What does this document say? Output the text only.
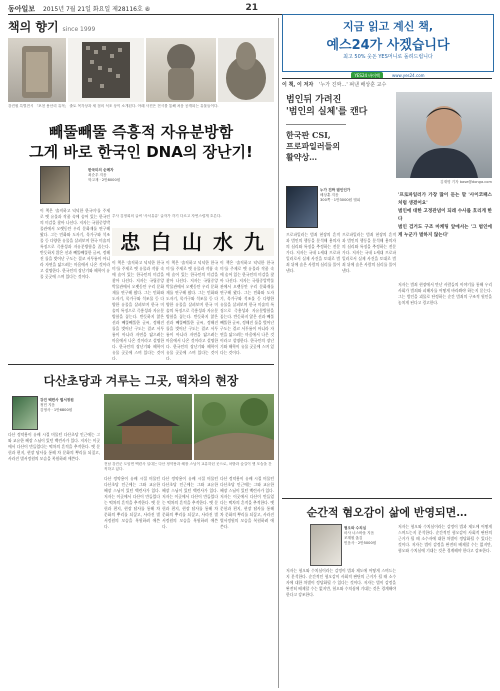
동아일보 2015년 7월 21일 화요일 제28116호 ⑧	21
책의 향기 since 1999
강진원 특별전시 「포천 용산리 유적」 출토 목각상과 세 점의 석조 상이 소개된다. 아래 사진은 전시를 통해 처음 공개되는 유물들이다.
빼뚤빼뚤 즉흥적 자유분방함
그게 바로 한국인 DNA의 장난기!
한국미의 순례자
최순우 지음
학고재 · 2만8000원
忠 白 山 水 九
추사 김정희의 글씨 '사서유유' 글자가 각기 다르고 자연스럽게 흐른다.
이 책은 '솔직하고 넉넉한 한국미'를 주제로 옛 유물과 작품 속에 숨어 있는 한국인의 미감을 찾아 나선다. 저자는 국립중앙박물관에서 오랫동안 우리 문화재를 연구해 왔다. 그는 민화와 도자기, 목가구와 석조물 등 다양한 유물을 살펴보며 한국 미술의 특징으로 즉흥성과 자유분방함을 꼽는다. 반듯하지 않은 선과 빼뚤빼뚤한 글씨, 정해진 틀을 벗어난 구도는 결코 서투름이 아니라 자연을 닮으려는 마음에서 나온 것이라고 설명한다. 한국인의 장난기와 해학이 유물 곳곳에 스며 있다는 것이다.
이 책은 '솔직하고 넉넉한 한국미'를 주제로 옛 유물과 작품 속에 숨어 있는 한국인의 미감을 찾아 나선다. 저자는 국립중앙박물관에서 오랫동안 우리 문화재를 연구해 왔다. 그는 민화와 도자기, 목가구와 석조물 등 다양한 유물을 살펴보며 한국 미술의 특징으로 즉흥성과 자유분방함을 꼽는다. 반듯하지 않은 선과 빼뚤빼뚤한 글씨, 정해진 틀을 벗어난 구도는 결코 서투름이 아니라 자연을 닮으려는 마음에서 나온 것이라고 설명한다. 한국인의 장난기와 해학이 유물 곳곳에 스며 있다는 것이다.
이 책은 '솔직하고 넉넉한 한국미'를 주제로 옛 유물과 작품 속에 숨어 있는 한국인의 미감을 찾아 나선다. 저자는 국립중앙박물관에서 오랫동안 우리 문화재를 연구해 왔다. 그는 민화와 도자기, 목가구와 석조물 등 다양한 유물을 살펴보며 한국 미술의 특징으로 즉흥성과 자유분방함을 꼽는다. 반듯하지 않은 선과 빼뚤빼뚤한 글씨, 정해진 틀을 벗어난 구도는 결코 서투름이 아니라 자연을 닮으려는 마음에서 나온 것이라고 설명한다. 한국인의 장난기와 해학이 유물 곳곳에 스며 있다는 것이다.
이 책은 '솔직하고 넉넉한 한국미'를 주제로 옛 유물과 작품 속에 숨어 있는 한국인의 미감을 찾아 나선다. 저자는 국립중앙박물관에서 오랫동안 우리 문화재를 연구해 왔다. 그는 민화와 도자기, 목가구와 석조물 등 다양한 유물을 살펴보며 한국 미술의 특징으로 즉흥성과 자유분방함을 꼽는다. 반듯하지 않은 선과 빼뚤빼뚤한 글씨, 정해진 틀을 벗어난 구도는 결코 서투름이 아니라 자연을 닮으려는 마음에서 나온 것이라고 설명한다. 한국인의 장난기와 해학이 유물 곳곳에 스며 있다는 것이다.
다산초당과 겨루는 그곳, 떡차의 현장
강진 백련사 별서정원
정민 지음
김영사 · 1만6800원
전남 강진군 도암면 백련사 일대는 다산 정약용과 혜장 스님이 교유하던 곳으로, 차밭과 숲길이 옛 모습을 간직하고 있다.
다산 정약용이 유배 시절 머물던 다산초당 인근에는 그와 교유한 혜장 스님이 있던 백련사가 있다. 저자는 이곳에서 다산이 만들었다는 떡차의 흔적을 추적한다. 옛 문헌과 편지, 현장 답사를 통해 차 문화의 뿌리를 되짚고, 사라진 별서정원의 모습을 복원하려 애쓴다.
다산 정약용이 유배 시절 머물던 다산초당 인근에는 그와 교유한 혜장 스님이 있던 백련사가 있다. 저자는 이곳에서 다산이 만들었다는 떡차의 흔적을 추적한다. 옛 문헌과 편지, 현장 답사를 통해 차 문화의 뿌리를 되짚고, 사라진 별서정원의 모습을 복원하려 애쓴다.
다산 정약용이 유배 시절 머물던 다산초당 인근에는 그와 교유한 혜장 스님이 있던 백련사가 있다. 저자는 이곳에서 다산이 만들었다는 떡차의 흔적을 추적한다. 옛 문헌과 편지, 현장 답사를 통해 차 문화의 뿌리를 되짚고, 사라진 별서정원의 모습을 복원하려 애쓴다.
다산 정약용이 유배 시절 머물던 다산초당 인근에는 그와 교유한 혜장 스님이 있던 백련사가 있다. 저자는 이곳에서 다산이 만들었다는 떡차의 흔적을 추적한다. 옛 문헌과 편지, 현장 답사를 통해 차 문화의 뿌리를 되짚고, 사라진 별서정원의 모습을 복원하려 애쓴다.
지금 읽고 계신 책,
예스24가 사겠습니다
최고 50% 웃돈 YES머니로 돌려드립니다
YES24 바이백	www.yes24.com
이 책, 이 저자 '누가 진짜…' 펴낸 배상훈 교수
범인뒤 가려진
'범인의 실체'를 캔다
한국판 CSI,
프로파일러들의
활약상…
김재명 기자 base@donga.com
누가 진짜 범인인가
배상훈 지음
300쪽 · 1만3000원 앨피
'프로파일러가 가장 많이 듣는 말 '사이코패스처럼 생겼어요'
범인에 대한 고정관념이 되레 수사를 흐리게 한다
범인 검거도 구조 마케팅 앞에서는 '그 범인에게 누군가 벌하지 않는다'
프로파일러는 범죄 현장의 흔적과 범인의 행동을 분석해 용의자의 심리와 특징을 추정하는 전문가다. 저자는 국내 1세대 프로파일러로서 실제 사건을 토대로 범죄 뒤에 숨은 사람의 심리를 풀어낸다.
프로파일러는 범죄 현장의 흔적과 범인의 행동을 분석해 용의자의 심리와 특징을 추정하는 전문가다. 저자는 국내 1세대 프로파일러로서 실제 사건을 토대로 범죄 뒤에 숨은 사람의 심리를 풀어낸다.
저자는 범죄 현장에서 만난 사람들의 이야기를 통해 우리 사회가 범죄와 피해자를 어떻게 바라봐야 하는지 묻는다. 그는 범인을 괴물로 단정하는 순간 범죄의 구조적 원인을 놓치게 된다고 경고한다.
순간적 혐오감이 삶에 반영되면…
혐오와 수치심
마사 너스바움 지음
조계원 옮김
민음사 · 2만5000원
저자는 혐오와 수치심이라는 감정이 법과 제도에 어떻게 스며드는지 분석한다. 순간적인 혐오감이 사회적 판단의 근거가 될 때 소수자에 대한 차별이 정당화될 수 있다는 것이다. 저자는 법이 감정을 완전히 배제할 수는 없지만, 혐오와 수치심에 기대는 것은 경계해야 한다고 강조한다.
저자는 혐오와 수치심이라는 감정이 법과 제도에 어떻게 스며드는지 분석한다. 순간적인 혐오감이 사회적 판단의 근거가 될 때 소수자에 대한 차별이 정당화될 수 있다는 것이다. 저자는 법이 감정을 완전히 배제할 수는 없지만, 혐오와 수치심에 기대는 것은 경계해야 한다고 강조한다.
